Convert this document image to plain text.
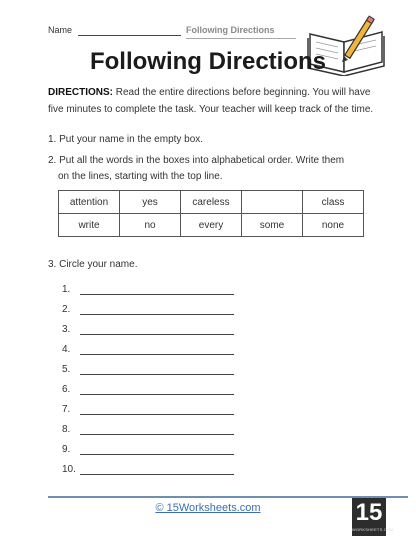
Name	Following Directions
Following Directions
DIRECTIONS: Read the entire directions before beginning. You will have five minutes to complete the task. Your teacher will keep track of the time.
1. Put your name in the empty box.
2. Put all the words in the boxes into alphabetical order. Write them
on the lines, starting with the top line.
attention	yes	careless		class
write	no	every	some	none
3. Circle your name.
1.
2.
3.
4.
5.
6.
7.
8.
9.
10.
© 15Worksheets.com	15
WORKSHEETS.COM
